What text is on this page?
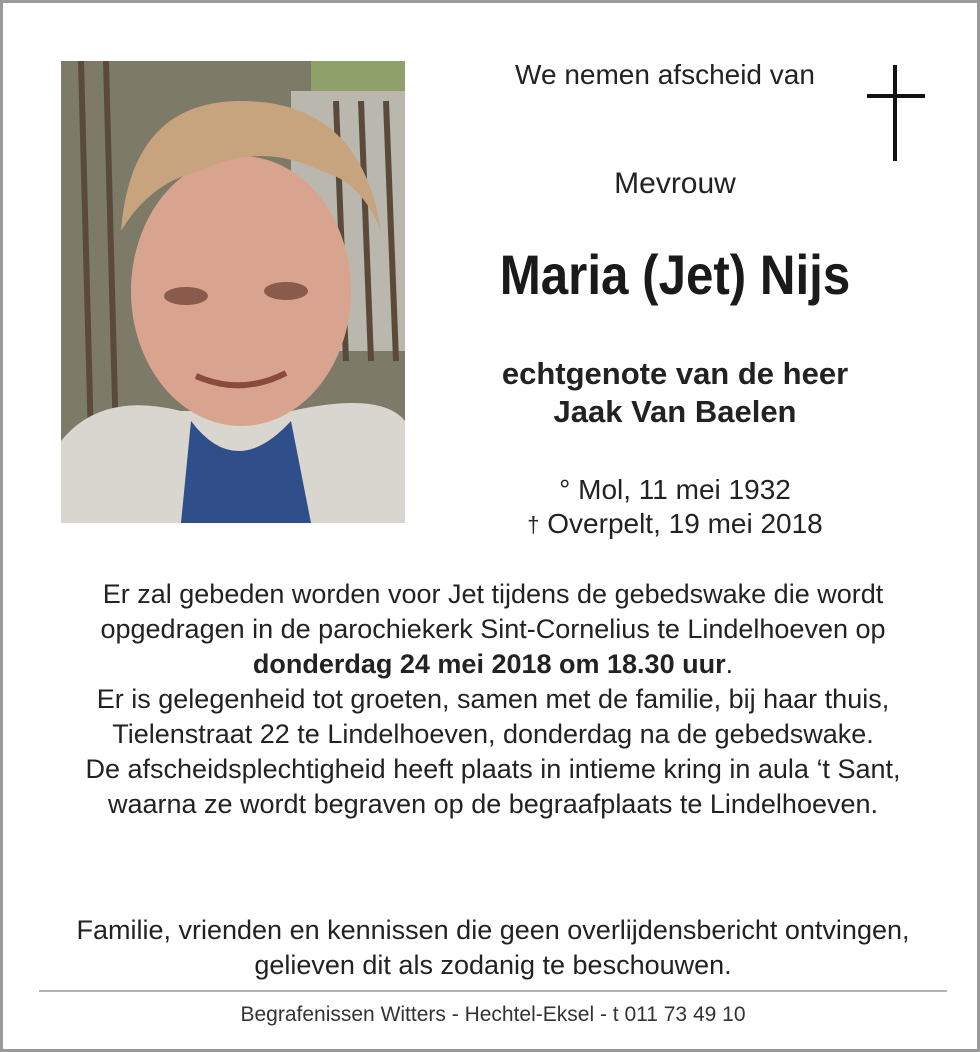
We nemen afscheid van
Mevrouw
Maria (Jet) Nijs
echtgenote van de heer
Jaak Van Baelen
° Mol, 11 mei 1932
† Overpelt, 19 mei 2018

Er zal gebeden worden voor Jet tijdens de gebedswake die wordt opgedragen in de parochiekerk Sint-Cornelius te Lindelhoeven op donderdag 24 mei 2018 om 18.30 uur.

Er is gelegenheid tot groeten, samen met de familie, bij haar thuis, Tielenstraat 22 te Lindelhoeven, donderdag na de gebedswake.

De afscheidsplechtigheid heeft plaats in intieme kring in aula ‘t Sant, waarna ze wordt begraven op de begraafplaats te Lindelhoeven.

Familie, vrienden en kennissen die geen overlijdensbericht ontvingen, gelieven dit als zodanig te beschouwen.
Begrafenissen Witters - Hechtel-Eksel - t 011 73 49 10
